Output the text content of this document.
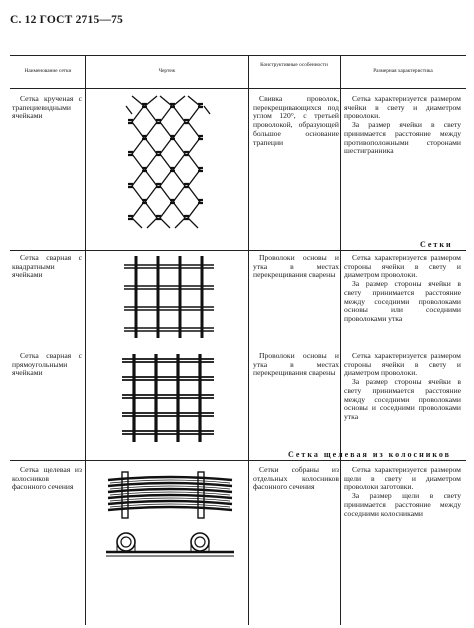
С. 12 ГОСТ 2715—75
Наименование сетки	Чертеж
Конструктивные особенности
Размерная характеристика
Сетка крученая с трапециевидными ячейками
Свивка проволок, перекрещивающихся под углом 120°, с третьей проволокой, образующей большое основание трапеции

Сетка характеризуется размером ячейки в свету и диаметром проволоки.

За размер ячейки в свету принимается расстояние между противоположными сторонами шестигранника

Сетки
Сетка сварная с квадратными ячейками
Проволоки основы и утка в местах перекрещивания сварены

Сетка характеризуется размером стороны ячейки в свету и диаметром проволоки.

За размер стороны ячейки в свету принимается расстояние между соседними проволоками основы или соседними проволоками утка

Сетка сварная с прямоугольными ячейками
Проволоки основы и утка в местах перекрещивания сварены

Сетка характеризуется размером стороны ячейки в свету и диаметром проволоки.

За размер стороны ячейки в свету принимается расстояние между соседними проволоками основы и соседними проволоками утка

Сетка щелевая из колосников
Сетка щелевая из колосников фасонного сечения
Сетки собраны из отдельных колосников фасонного сечения

Сетка характеризуется размером щели в свету и диаметром проволоки заготовки.

За размер щели в свету принимается расстояние между соседними колосниками
